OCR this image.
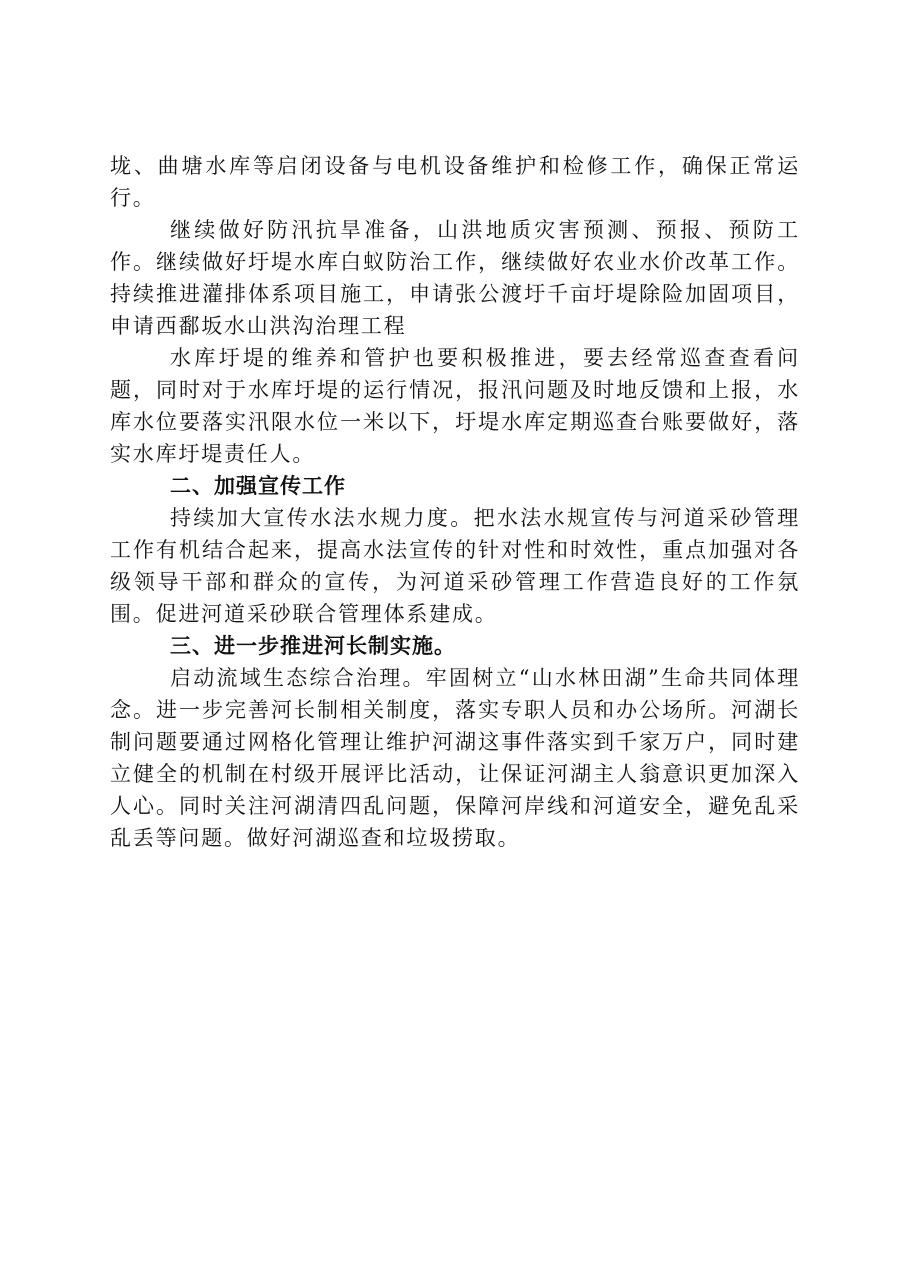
垅、曲塘水库等启闭设备与电机设备维护和检修工作，确保正常运行。

继续做好防汛抗旱准备，山洪地质灾害预测、预报、预防工作。继续做好圩堤水库白蚁防治工作，继续做好农业水价改革工作。持续推进灌排体系项目施工，申请张公渡圩千亩圩堤除险加固项目，申请西鄱坂水山洪沟治理工程

水库圩堤的维养和管护也要积极推进，要去经常巡查查看问题，同时对于水库圩堤的运行情况，报汛问题及时地反馈和上报，水库水位要落实汛限水位一米以下，圩堤水库定期巡查台账要做好，落实水库圩堤责任人。

二、加强宣传工作

持续加大宣传水法水规力度。把水法水规宣传与河道采砂管理工作有机结合起来，提高水法宣传的针对性和时效性，重点加强对各级领导干部和群众的宣传，为河道采砂管理工作营造良好的工作氛围。促进河道采砂联合管理体系建成。

三、进一步推进河长制实施。

启动流域生态综合治理。牢固树立“山水林田湖”生命共同体理念。进一步完善河长制相关制度，落实专职人员和办公场所。河湖长制问题要通过网格化管理让维护河湖这事件落实到千家万户，同时建立健全的机制在村级开展评比活动，让保证河湖主人翁意识更加深入人心。同时关注河湖清四乱问题，保障河岸线和河道安全，避免乱采乱丢等问题。做好河湖巡查和垃圾捞取。
